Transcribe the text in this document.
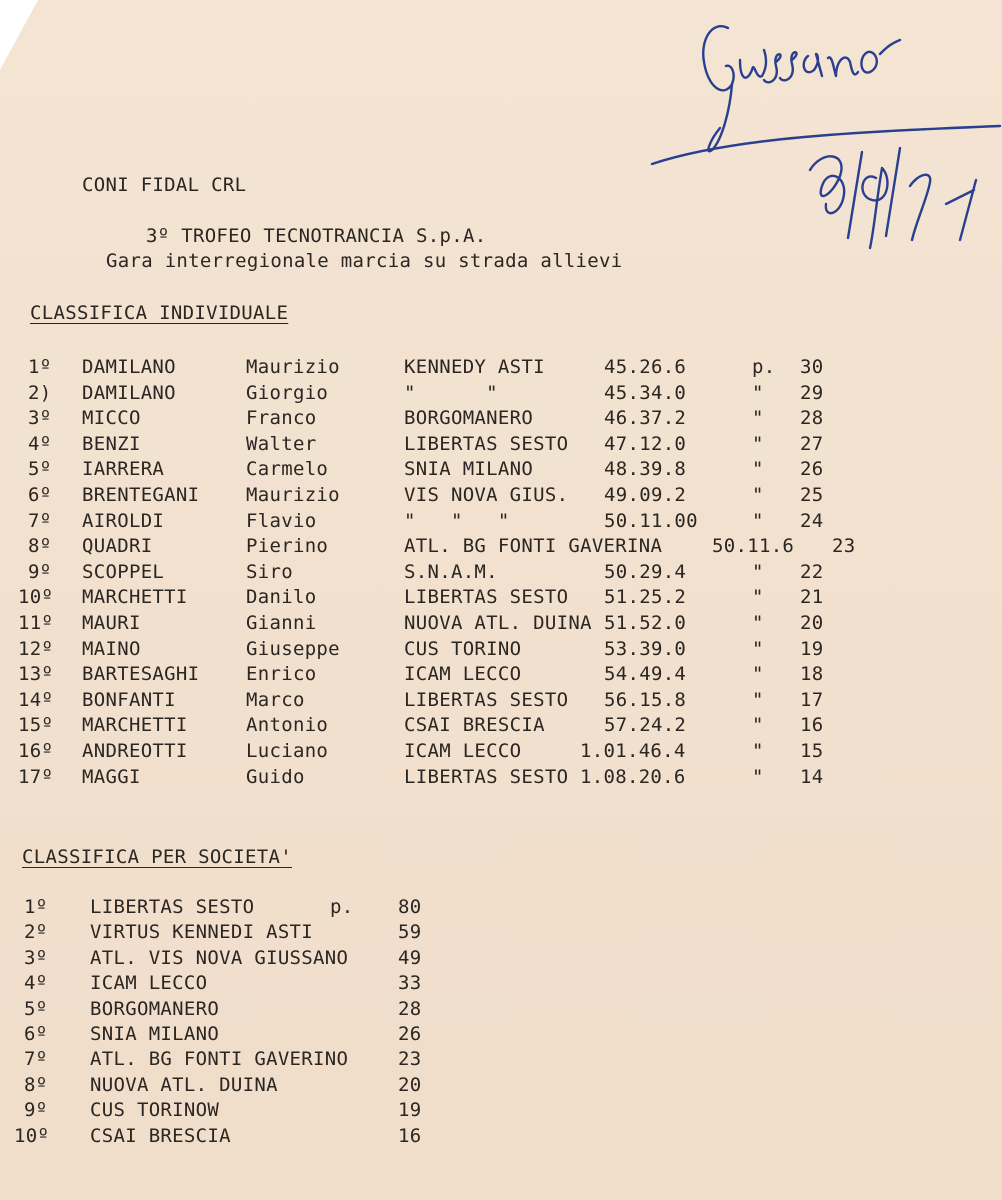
CONI FIDAL CRL
3º TROFEO TECNOTRANCIA S.p.A.
Gara interregionale marcia su strada allievi
CLASSIFICA INDIVIDUALE
1º DAMILANO	Maurizio	KENNEDY ASTI	45.26.6	p. 30
2) DAMILANO	Giorgio	"      "	45.34.0	" 29
3º MICCO	Franco	BORGOMANERO	46.37.2	" 28
4º BENZI	Walter	LIBERTAS SESTO 47.12.0	" 27
5º IARRERA	Carmelo	SNIA MILANO	48.39.8	" 26
6º BRENTEGANI Maurizio	VIS NOVA GIUS. 49.09.2	" 25
7º AIROLDI	Flavio	"   "   "	50.11.00	" 24
8º QUADRI	Pierino	ATL. BG FONTI GAVERINA	50.11.6 23
9º SCOPPEL	Siro	S.N.A.M.	50.29.4	" 22
10º MARCHETTI	Danilo	LIBERTAS SESTO 51.25.2	" 21
11º MAURI	Gianni	NUOVA ATL. DUINA 51.52.0	" 20
12º MAINO	Giuseppe	CUS TORINO	53.39.0	" 19
13º BARTESAGHI Enrico	ICAM LECCO	54.49.4	" 18
14º BONFANTI	Marco	LIBERTAS SESTO 56.15.8	" 17
15º MARCHETTI	Antonio	CSAI BRESCIA	57.24.2	" 16
16º ANDREOTTI	Luciano	ICAM LECCO	1.01.46.4	" 15
17º MAGGI	Guido	LIBERTAS SESTO 1.08.20.6	" 14
CLASSIFICA PER SOCIETA'
1º LIBERTAS SESTO	p. 80
2º VIRTUS KENNEDI ASTI	59
3º ATL. VIS NOVA GIUSSANO	49
4º ICAM LECCO	33
5º BORGOMANERO	28
6º SNIA MILANO	26
7º ATL. BG FONTI GAVERINO	23
8º NUOVA ATL. DUINA	20
9º CUS TORINOW	19
10º CSAI BRESCIA	16
